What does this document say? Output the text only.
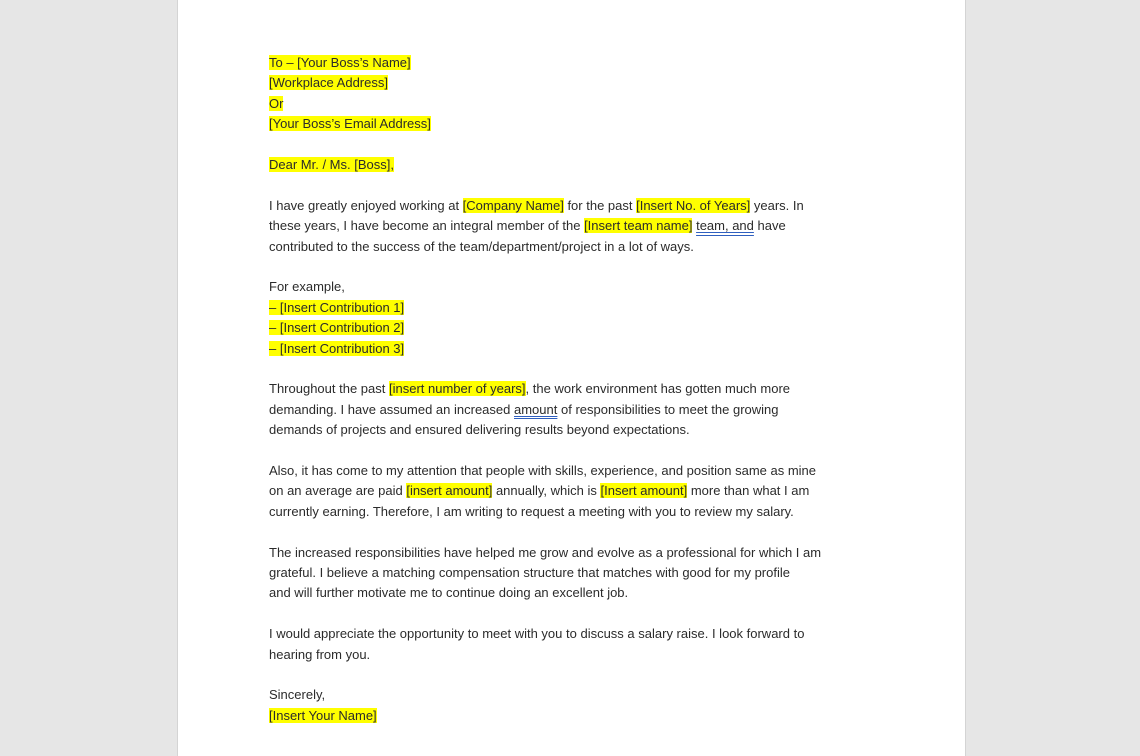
To – [Your Boss’s Name]
[Workplace Address]
Or
[Your Boss’s Email Address]
Dear Mr. / Ms. [Boss],
I have greatly enjoyed working at [Company Name] for the past [Insert No. of Years] years. In
these years, I have become an integral member of the [Insert team name] team, and have
contributed to the success of the team/department/project in a lot of ways.
For example,
– [Insert Contribution 1]
– [Insert Contribution 2]
– [Insert Contribution 3]
Throughout the past [insert number of years], the work environment has gotten much more
demanding. I have assumed an increased amount of responsibilities to meet the growing
demands of projects and ensured delivering results beyond expectations.
Also, it has come to my attention that people with skills, experience, and position same as mine
on an average are paid [insert amount] annually, which is [Insert amount] more than what I am
currently earning. Therefore, I am writing to request a meeting with you to review my salary.
The increased responsibilities have helped me grow and evolve as a professional for which I am
grateful. I believe a matching compensation structure that matches with good for my profile
and will further motivate me to continue doing an excellent job.
I would appreciate the opportunity to meet with you to discuss a salary raise. I look forward to
hearing from you.
Sincerely,
[Insert Your Name]
